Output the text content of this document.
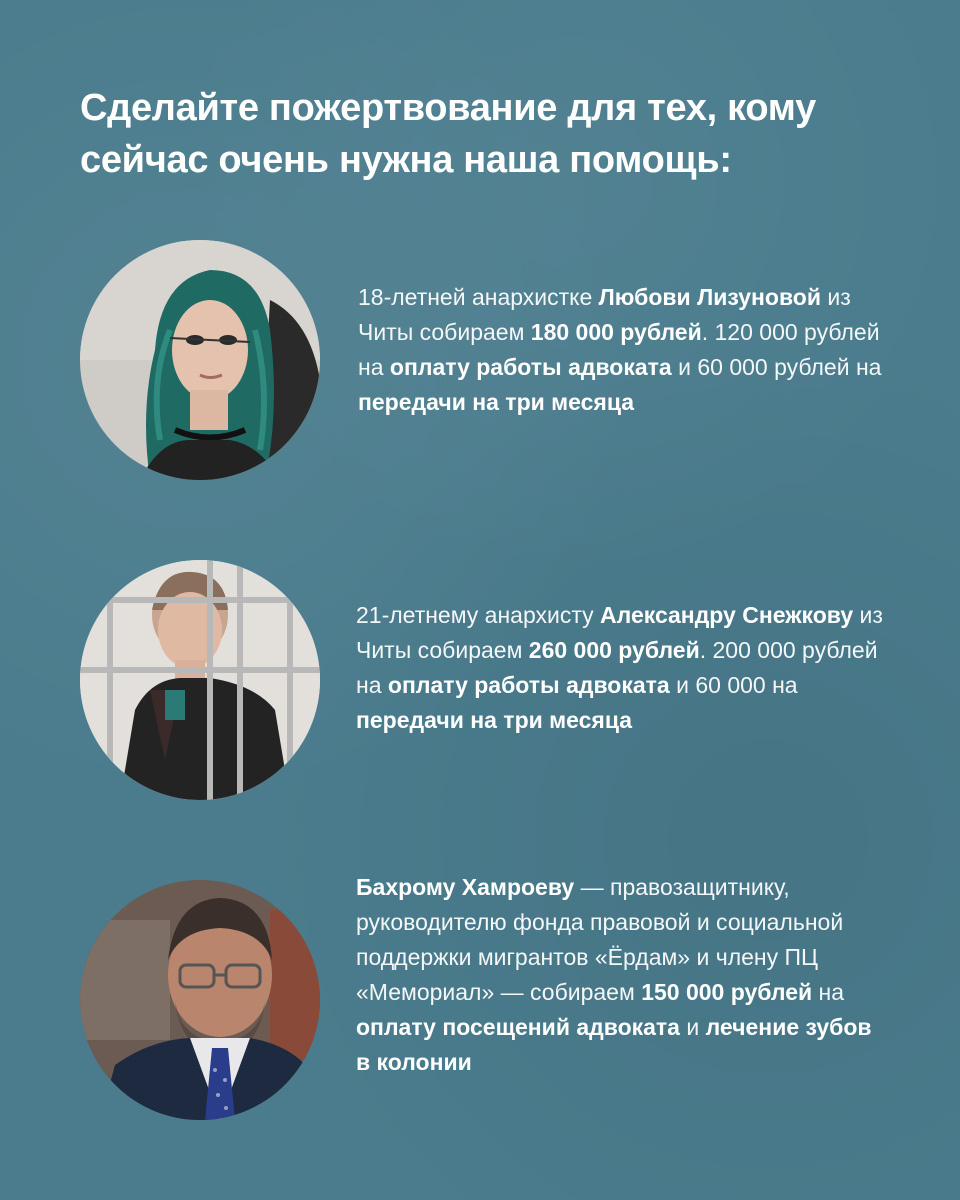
Сделайте пожертвование для тех, кому сейчас очень нужна наша помощь:
18-летней анархистке Любови Лизуновой из Читы собираем 180 000 рублей. 120 000 рублей на оплату работы адвоката и 60 000 рублей на передачи на три месяца
21-летнему анархисту Александру Снежкову из Читы собираем 260 000 рублей. 200 000 рублей на оплату работы адвоката и 60 000 на передачи на три месяца
Бахрому Хамроеву — правозащитнику, руководителю фонда правовой и социальной поддержки мигрантов «Ёрдам» и члену ПЦ «Мемориал» — собираем 150 000 рублей на оплату посещений адвоката и лечение зубов в колонии
